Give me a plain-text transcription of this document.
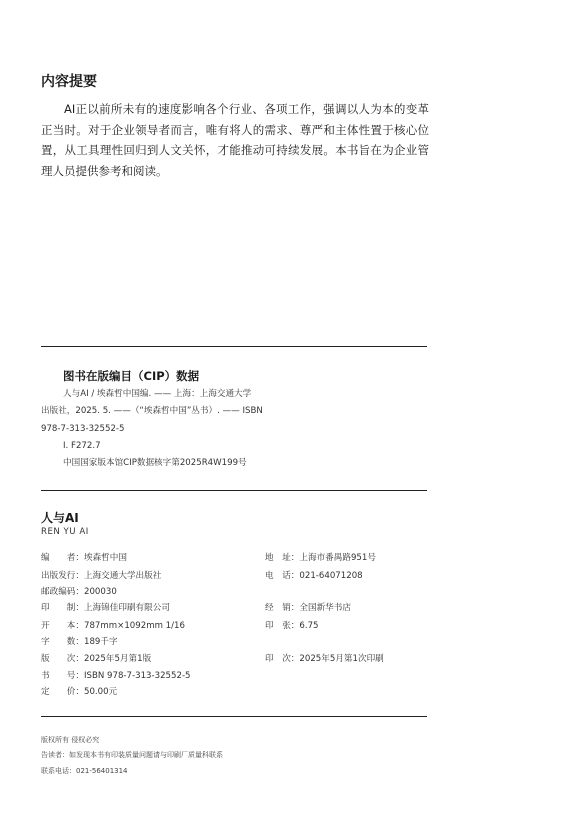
内容提要

AI正以前所未有的速度影响各个行业、各项工作，强调以人为本的变革正当时。对于企业领导者而言，唯有将人的需求、尊严和主体性置于核心位置，从工具理性回归到人文关怀，才能推动可持续发展。本书旨在为企业管理人员提供参考和阅读。

图书在版编目（CIP）数据
人与AI / 埃森哲中国编. —— 上海：上海交通大学
出版社，2025. 5. ——（“埃森哲中国”丛书）. —— ISBN
978-7-313-32552-5
I. F272.7
中国国家版本馆CIP数据核字第2025R4W199号
人与AI
REN YU AI
编　　者：埃森哲中国
出版发行：上海交通大学出版社
邮政编码：200030
印　　制：上海锦佳印刷有限公司
开　　本：787mm×1092mm 1/16
字　　数：189千字
版　　次：2025年5月第1版
书　　号：ISBN 978-7-313-32552-5
定　　价：50.00元
地　址：上海市番禺路951号
电　话：021-64071208
经　销：全国新华书店
印　张：6.75
印　次：2025年5月第1次印刷
版权所有 侵权必究
告读者：如发现本书有印装质量问题请与印刷厂质量科联系
联系电话：021-56401314
